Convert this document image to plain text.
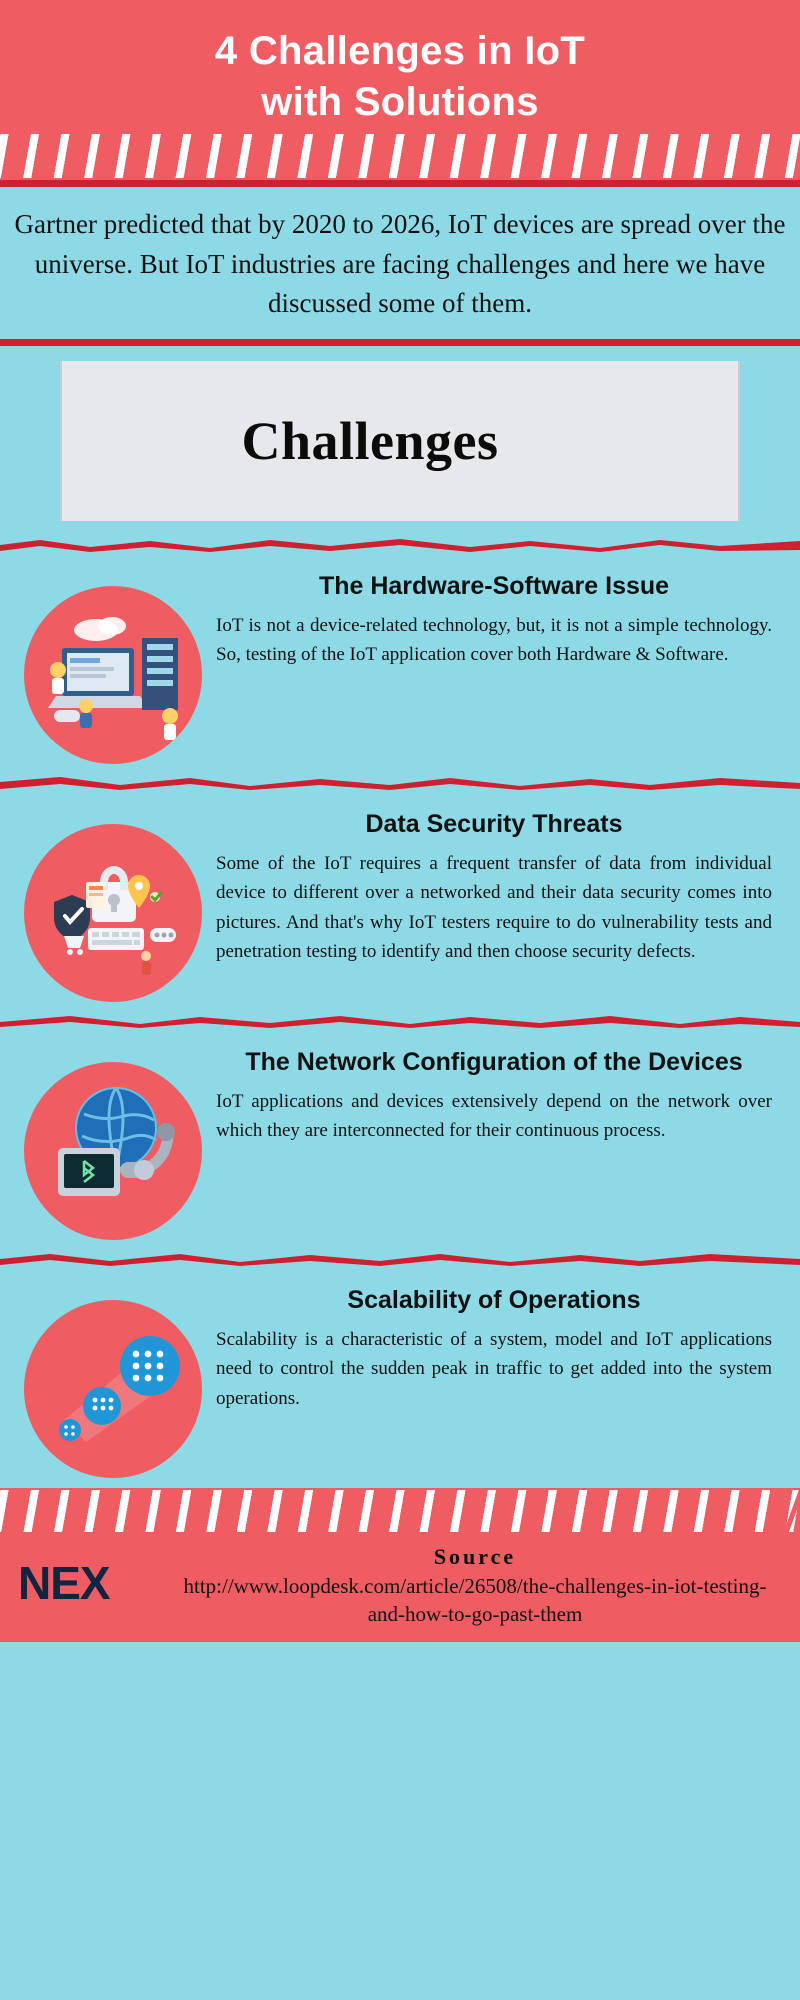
4 Challenges in IoT
with Solutions

Gartner predicted that by 2020 to 2026, IoT devices are spread over the universe. But IoT industries are facing challenges and here we have discussed some of them.

Challenges
The Hardware-Software Issue

IoT is not a device-related technology, but, it is not a simple technology. So, testing of the IoT application cover both Hardware & Software.

Data Security Threats

Some of the IoT requires a frequent transfer of data from individual device to different over a networked and their data security comes into pictures. And that's why IoT testers require to do vulnerability tests and penetration testing to identify and then choose security defects.

The Network Configuration of the Devices

IoT applications and devices extensively depend on the network over which they are interconnected for their continuous process.

Scalability of Operations

Scalability is a characteristic of a system, model and IoT applications need to control the sudden peak in traffic to get added into the system operations.

NEX
Source
http://www.loopdesk.com/article/26508/the-challenges-in-iot-testing-and-how-to-go-past-them
